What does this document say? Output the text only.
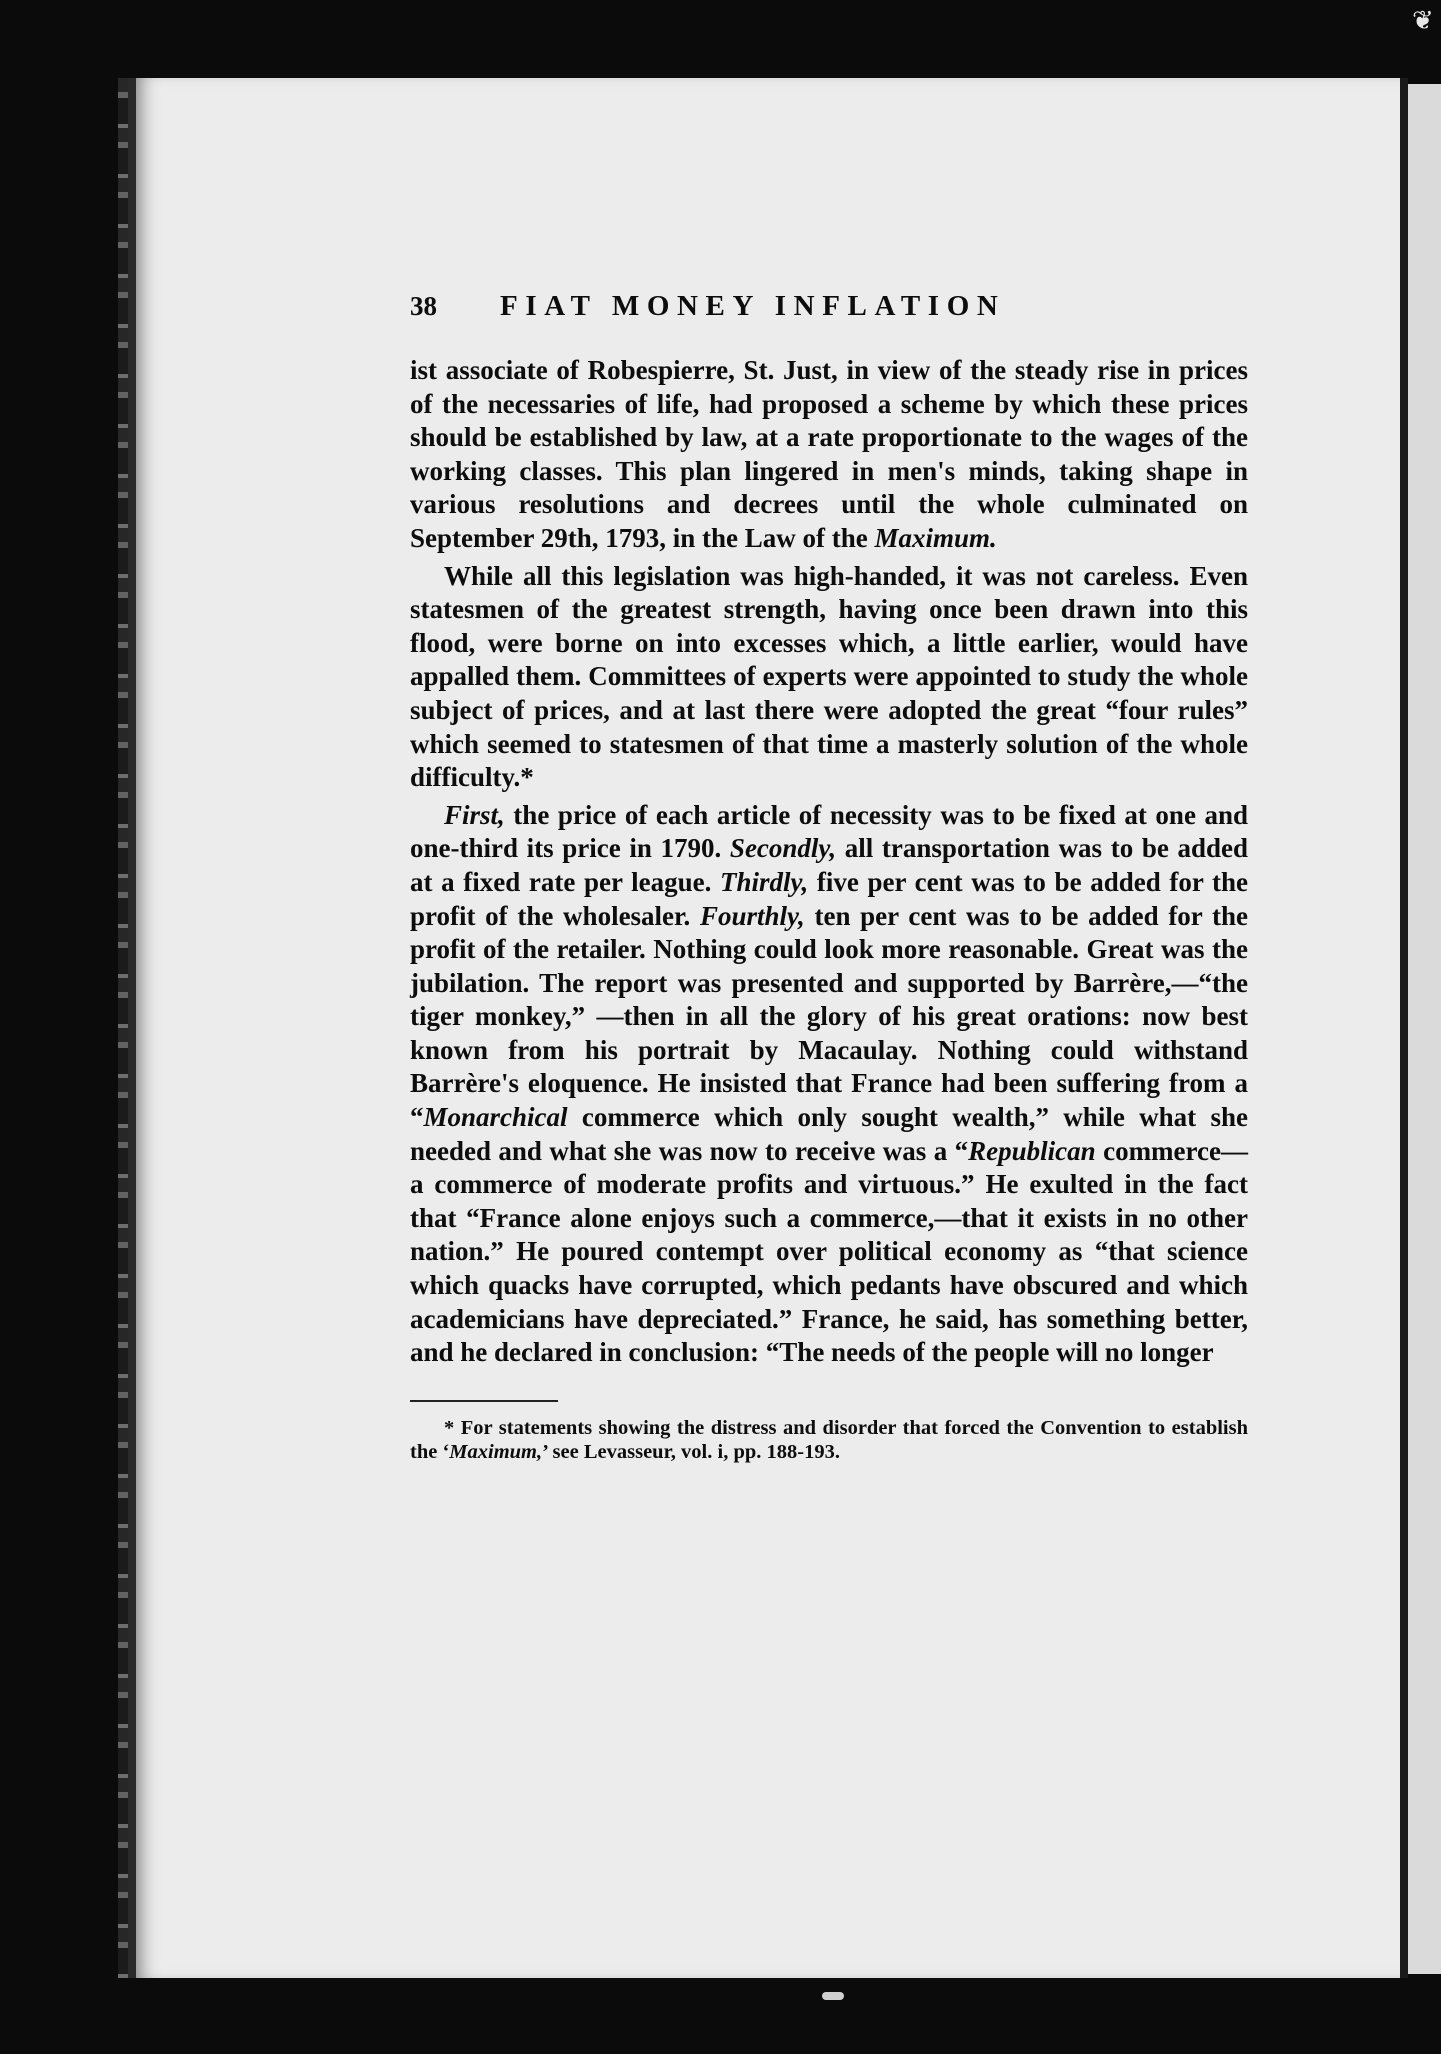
❦
38	FIAT MONEY INFLATION

ist associate of Robespierre, St. Just, in view of the steady rise in prices of the necessaries of life, had proposed a scheme by which these prices should be established by law, at a rate proportionate to the wages of the working classes. This plan lingered in men's minds, taking shape in various resolutions and decrees until the whole culminated on September 29th, 1793, in the Law of the Maximum.

While all this legislation was high-handed, it was not careless. Even statesmen of the greatest strength, having once been drawn into this flood, were borne on into excesses which, a little earlier, would have appalled them. Committees of experts were appointed to study the whole subject of prices, and at last there were adopted the great “four rules” which seemed to statesmen of that time a masterly solution of the whole difficulty.*

First, the price of each article of necessity was to be fixed at one and one-third its price in 1790. Secondly, all transportation was to be added at a fixed rate per league. Thirdly, five per cent was to be added for the profit of the wholesaler. Fourthly, ten per cent was to be added for the profit of the retailer. Nothing could look more reasonable. Great was the jubilation. The report was presented and supported by Barrère,—“the tiger monkey,” —then in all the glory of his great orations: now best known from his portrait by Macaulay. Nothing could withstand Barrère's eloquence. He insisted that France had been suffering from a “Monarchical commerce which only sought wealth,” while what she needed and what she was now to receive was a “Republican commerce—a commerce of moderate profits and virtuous.” He exulted in the fact that “France alone enjoys such a commerce,—that it exists in no other nation.” He poured contempt over political economy as “that science which quacks have corrupted, which pedants have obscured and which academicians have depreciated.” France, he said, has something better, and he declared in conclusion: “The needs of the people will no longer

* For statements showing the distress and disorder that forced the Convention to establish the ‘Maximum,’ see Levasseur, vol. i, pp. 188-193.
